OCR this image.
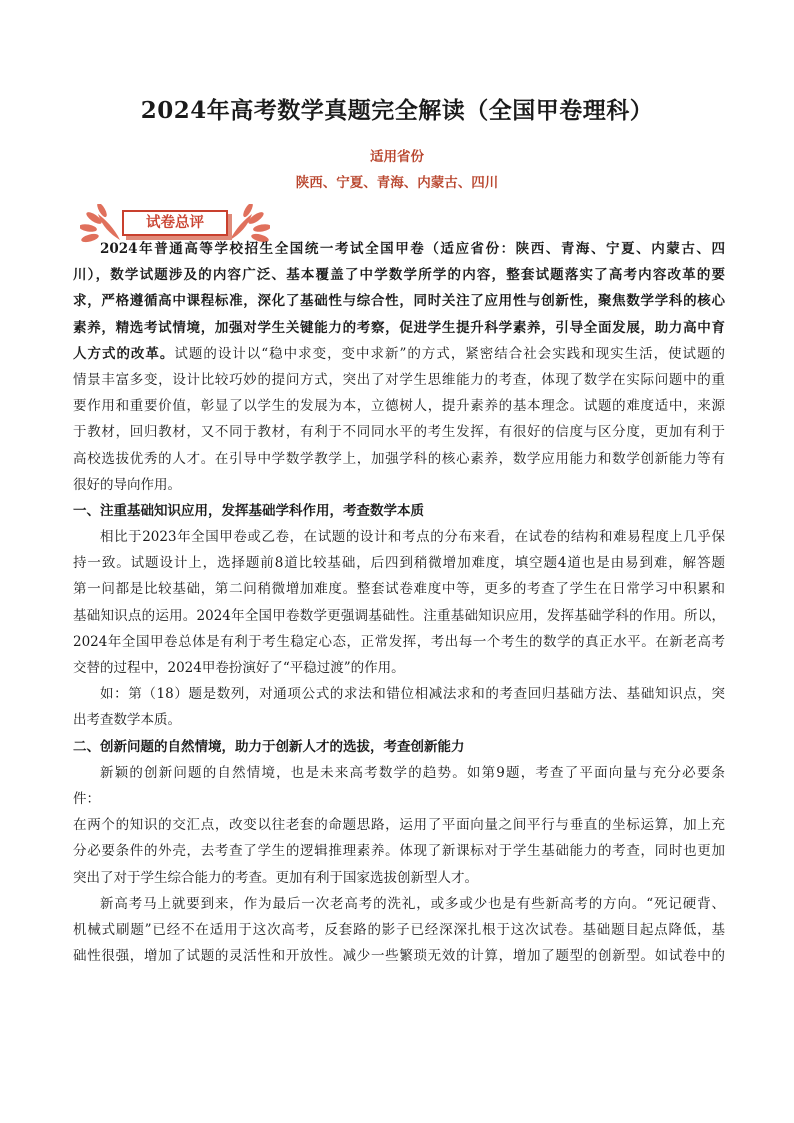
2024年高考数学真题完全解读（全国甲卷理科）
适用省份
陕西、宁夏、青海、内蒙古、四川
试卷总评
2024年普通高等学校招生全国统一考试全国甲卷（适应省份：陕西、青海、宁夏、内蒙古、四
川），数学试题涉及的内容广泛、基本覆盖了中学数学所学的内容，整套试题落实了高考内容改革的要
求，严格遵循高中课程标准，深化了基础性与综合性，同时关注了应用性与创新性，聚焦数学学科的核心
素养，精选考试情境，加强对学生关键能力的考察，促进学生提升科学素养，引导全面发展，助力高中育
人方式的改革。试题的设计以“稳中求变，变中求新”的方式，紧密结合社会实践和现实生活，使试题的
情景丰富多变，设计比较巧妙的提问方式，突出了对学生思维能力的考查，体现了数学在实际问题中的重
要作用和重要价值，彰显了以学生的发展为本，立德树人，提升素养的基本理念。试题的难度适中，来源
于教材，回归教材，又不同于教材，有利于不同同水平的考生发挥，有很好的信度与区分度，更加有利于
高校选拔优秀的人才。在引导中学数学教学上，加强学科的核心素养，数学应用能力和数学创新能力等有
很好的导向作用。
一、注重基础知识应用，发挥基础学科作用，考查数学本质
相比于2023年全国甲卷或乙卷，在试题的设计和考点的分布来看，在试卷的结构和难易程度上几乎保
持一致。试题设计上，选择题前8道比较基础，后四到稍微增加难度，填空题4道也是由易到难，解答题
第一问都是比较基础，第二问稍微增加难度。整套试卷难度中等，更多的考查了学生在日常学习中积累和
基础知识点的运用。2024年全国甲卷数学更强调基础性。注重基础知识应用，发挥基础学科的作用。所以，
2024年全国甲卷总体是有利于考生稳定心态，正常发挥，考出每一个考生的数学的真正水平。在新老高考
交替的过程中，2024甲卷扮演好了“平稳过渡”的作用。
如：第（18）题是数列，对通项公式的求法和错位相减法求和的考查回归基础方法、基础知识点，突
出考查数学本质。
二、创新问题的自然情境，助力于创新人才的选拔，考查创新能力
新颖的创新问题的自然情境，也是未来高考数学的趋势。如第9题，考查了平面向量与充分必要条
件：
在两个的知识的交汇点，改变以往老套的命题思路，运用了平面向量之间平行与垂直的坐标运算，加上充
分必要条件的外壳，去考查了学生的逻辑推理素养。体现了新课标对于学生基础能力的考查，同时也更加
突出了对于学生综合能力的考查。更加有利于国家选拔创新型人才。
新高考马上就要到来，作为最后一次老高考的洗礼，或多或少也是有些新高考的方向。“死记硬背、
机械式刷题”已经不在适用于这次高考，反套路的影子已经深深扎根于这次试卷。基础题目起点降低，基
础性很强，增加了试题的灵活性和开放性。减少一些繁琐无效的计算，增加了题型的创新型。如试卷中的
